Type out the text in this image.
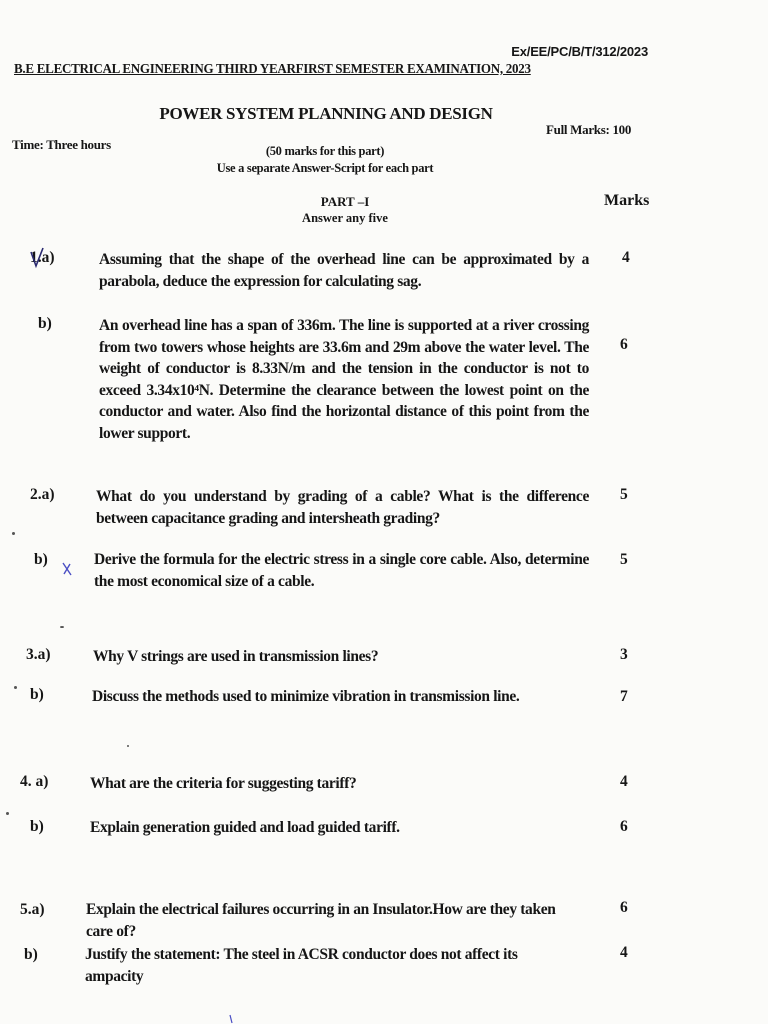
Ex/EE/PC/B/T/312/2023
B.E ELECTRICAL ENGINEERING THIRD YEARFIRST SEMESTER EXAMINATION, 2023
POWER SYSTEM PLANNING AND DESIGN
Time: Three hours
Full Marks: 100
(50 marks for this part)
Use a separate Answer-Script for each part
PART –I
Answer any five
Marks
1.a)	Assuming that the shape of the overhead line can be approximated by a parabola, deduce the expression for calculating sag.
4
b)	An overhead line has a span of 336m. The line is supported at a river crossing from two towers whose heights are 33.6m and 29m above the water level. The weight of conductor is 8.33N/m and the tension in the conductor is not to exceed 3.34x10⁴N. Determine the clearance between the lowest point on the conductor and water. Also find the horizontal distance of this point from the lower support.
6
2.a)	What do you understand by grading of a cable? What is the difference between capacitance grading and intersheath grading?
5
b)	Derive the formula for the electric stress in a single core cable. Also, determine the most economical size of a cable.
5
3.a)	Why V strings are used in transmission lines?	3
b)	Discuss the methods used to minimize vibration in transmission line.	7
4. a)	What are the criteria for suggesting tariff?	4
b)	Explain generation guided and load guided tariff.	6
5.a)	Explain the electrical failures occurring in an Insulator.How are they taken care of?
6
b)	Justify the statement: The steel in ACSR conductor does not affect its ampacity
4
